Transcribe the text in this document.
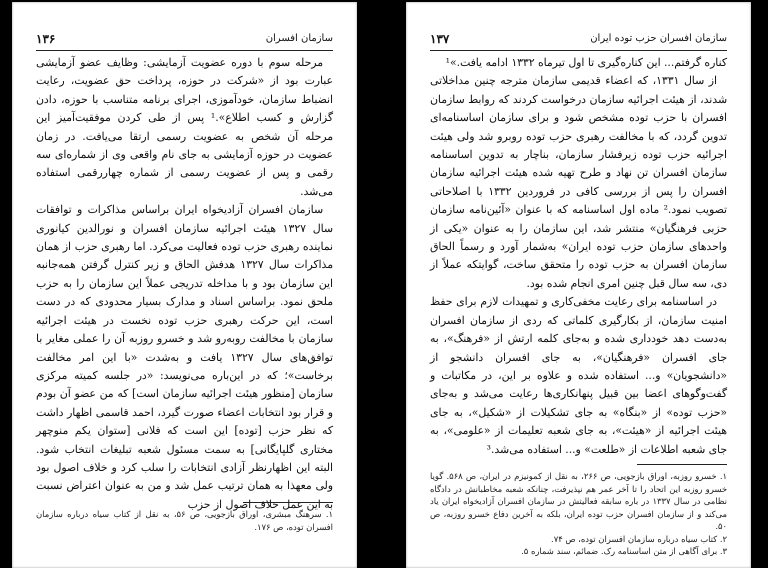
۱۳۶	سازمان افسران

مرحله سوم با دوره عضویت آزمایشی: وظایف عضو آزمایشی عبارت بود از «شرکت در حوزه، پرداخت حق عضویت، رعایت انضباط سازمان، خودآموزی، اجرای برنامه متناسب با حوزه، دادن گزارش و کسب اطلاع».¹ پس از طی کردن موفقیت‌آمیز این مرحله آن شخص به عضویت رسمی ارتقا می‌یافت. در زمان عضویت در حوزه آزمایشی به جای نام واقعی وی از شماره‌ای سه رقمی و پس از عضویت رسمی از شماره چهاررقمی استفاده می‌شد.

سازمان افسران آزادیخواه ایران براساس مذاکرات و توافقات سال ۱۳۲۷ هیئت اجرائیه سازمان افسران و نورالدین کیانوری نماینده رهبری حزب توده فعالیت می‌کرد. اما رهبری حزب از همان مذاکرات سال ۱۳۲۷ هدفش الحاق و زیر کنترل گرفتن همه‌جانبه این سازمان بود و با مداخله تدریجی عملاً این سازمان را به حزب ملحق نمود. براساس اسناد و مدارک بسیار محدودی که در دست است، این حرکت رهبری حزب توده نخست در هیئت اجرائیه سازمان با مخالفت روبه‌رو شد و خسرو روزبه آن را عملی مغایر با توافق‌های سال ۱۳۲۷ یافت و به‌شدت «با این امر مخالفت برخاست»؛ که در این‌باره می‌نویسد: «در جلسه کمیته مرکزی سازمان [منظور هیئت اجرائیه سازمان است] که من عضو آن بودم و قرار بود انتخابات اعضاء صورت گیرد، احمد قاسمی اظهار داشت که نظر حزب [توده] این است که فلانی [ستوان یکم منوچهر مختاری گلپایگانی] به سمت مسئول شعبه تبلیغات انتخاب شود. البته این اظهارنظر آزادی انتخابات را سلب کرد و خلاف اصول بود ولی معهذا به همان ترتیب عمل شد و من به عنوان اعتراض نسبت به این عمل خلاف اصول از حزب

۱. سرهنگ مبشری، اوراق بازجویی، ص ۵۶، به نقل از کتاب سیاه درباره سازمان افسران توده، ص ۱۷۶.
۱۳۷	سازمان افسران حزب توده ایران

کناره گرفتم... این کناره‌گیری تا اول تیرماه ۱۳۳۲ ادامه یافت.»¹

از سال ۱۳۳۱، که اعضاء قدیمی سازمان مترجه چنین مداخلاتی شدند، از هیئت اجرائیه سازمان درخواست کردند که روابط سازمان افسران با حزب توده مشخص شود و برای سازمان اساسنامه‌ای تدوین گردد، که با مخالفت رهبری حزب توده روبرو شد ولی هیئت اجرائیه حزب توده زیرفشار سازمان، بناچار به تدوین اساسنامه سازمان افسران تن نهاد و طرح تهیه شده هیئت اجرائیه سازمان افسران را پس از بررسی کافی در فروردین ۱۳۳۲ با اصلاحاتی تصویب نمود.² ماده اول اساسنامه که با عنوان «آئین‌نامه سازمان حزبی فرهنگیان» منتشر شد، این سازمان را به عنوان «یکی از واحدهای سازمان حزب توده ایران» به‌شمار آورد و رسماً الحاق سازمان افسران به حزب توده را متحقق ساخت، گوایتکه عملاً از دی، سه سال قبل چنین امری انجام شده بود.

در اساسنامه برای رعایت مخفی‌کاری و تمهیدات لازم برای حفظ امنیت سازمان، از بکارگیری کلماتی که ردی از سازمان افسران به‌دست دهد خودداری شده و به‌جای کلمه ارتش از «فرهنگ»، به جای افسران «فرهنگیان»، به جای افسران دانشجو از «دانشجویان» و... استفاده شده و علاوه بر این، در مکاتبات و گفت‌وگوهای اعضا بین قبیل پنهانکاری‌ها رعایت می‌شد و به‌جای «حزب توده» از «بنگاه» به جای تشکیلات از «شکیل»، به جای هیئت اجرائیه از «هیئت»، به جای شعبه تعلیمات از «علومی»، به جای شعبه اطلاعات از «طلعت» و... استفاده می‌شد.³

۱. خسرو روزبه، اوراق بازجویی، ص ۲۶۶، به نقل از کمونیزم در ایران، ص ۵۶۸. گویا خسرو روزبه این اتحاد را تا آخر عمر هم نپذیرفت، چنانکه شعبه مخاطبانش در دادگاه نظامی در سال ۱۳۳۷ در باره سابقه فعالیتش در سازمان افسران آزادیخواه ایران یاد می‌کند و از سازمان افسران حزب توده ایران، بلکه به آخرین دفاع خسرو روزبه، ص ۵۰.
۲. کتاب سیاه درباره سازمان افسران توده، ص ۷۴.
۳. برای آگاهی از متن اساسنامه رک. ضمائم، سند شماره ۵.
